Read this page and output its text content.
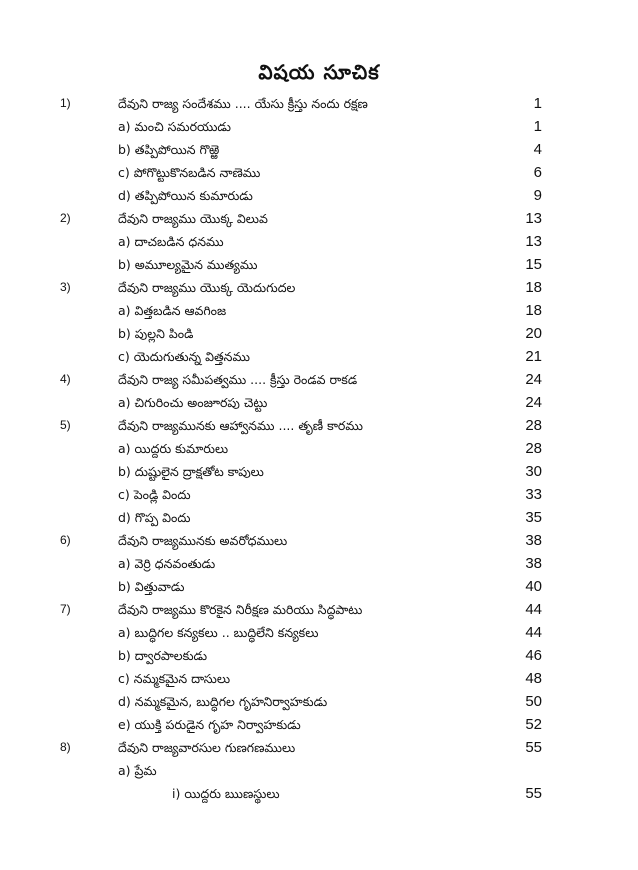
విషయ సూచిక
1)	దేవుని రాజ్య సందేశము .... యేసు క్రీస్తు నందు రక్షణ	1
a) మంచి సమరయుడు	1
b) తప్పిపోయిన గొఱ్ఱె	4
c) పోగొట్టుకొనబడిన నాణెము	6
d) తప్పిపోయిన కుమారుడు	9
2)	దేవుని రాజ్యము యొక్క విలువ	13
a) దాచబడిన ధనము	13
b) అమూల్యమైన ముత్యము	15
3)	దేవుని రాజ్యము యొక్క యెదుగుదల	18
a) విత్తబడిన ఆవగింజ	18
b) పుల్లని పిండి	20
c) యెదుగుతున్న విత్తనము	21
4)	దేవుని రాజ్య సమీపత్వము .... క్రీస్తు రెండవ రాకడ	24
a) చిగురించు అంజూరపు చెట్టు	24
5)	దేవుని రాజ్యమునకు ఆహ్వానము .... తృణీ కారము	28
a) యిద్దరు కుమారులు	28
b) దుష్టులైన ద్రాక్షతోట కాపులు	30
c) పెండ్లి విందు	33
d) గొప్ప విందు	35
6)	దేవుని రాజ్యమునకు అవరోధములు	38
a) వెర్రి ధనవంతుడు	38
b) విత్తువాడు	40
7)	దేవుని రాజ్యము కొరకైన నిరీక్షణ మరియు సిద్ధపాటు	44
a) బుద్ధిగల కన్యకలు .. బుద్ధిలేని కన్యకలు	44
b) ద్వారపాలకుడు	46
c) నమ్మకమైన దాసులు	48
d) నమ్మకమైన, బుద్ధిగల గృహనిర్వాహకుడు	50
e) యుక్తి పరుడైన గృహ నిర్వాహకుడు	52
8)	దేవుని రాజ్యవారసుల గుణగణములు	55
a) ప్రేమ
i) యిద్దరు ఋణస్థులు	55
